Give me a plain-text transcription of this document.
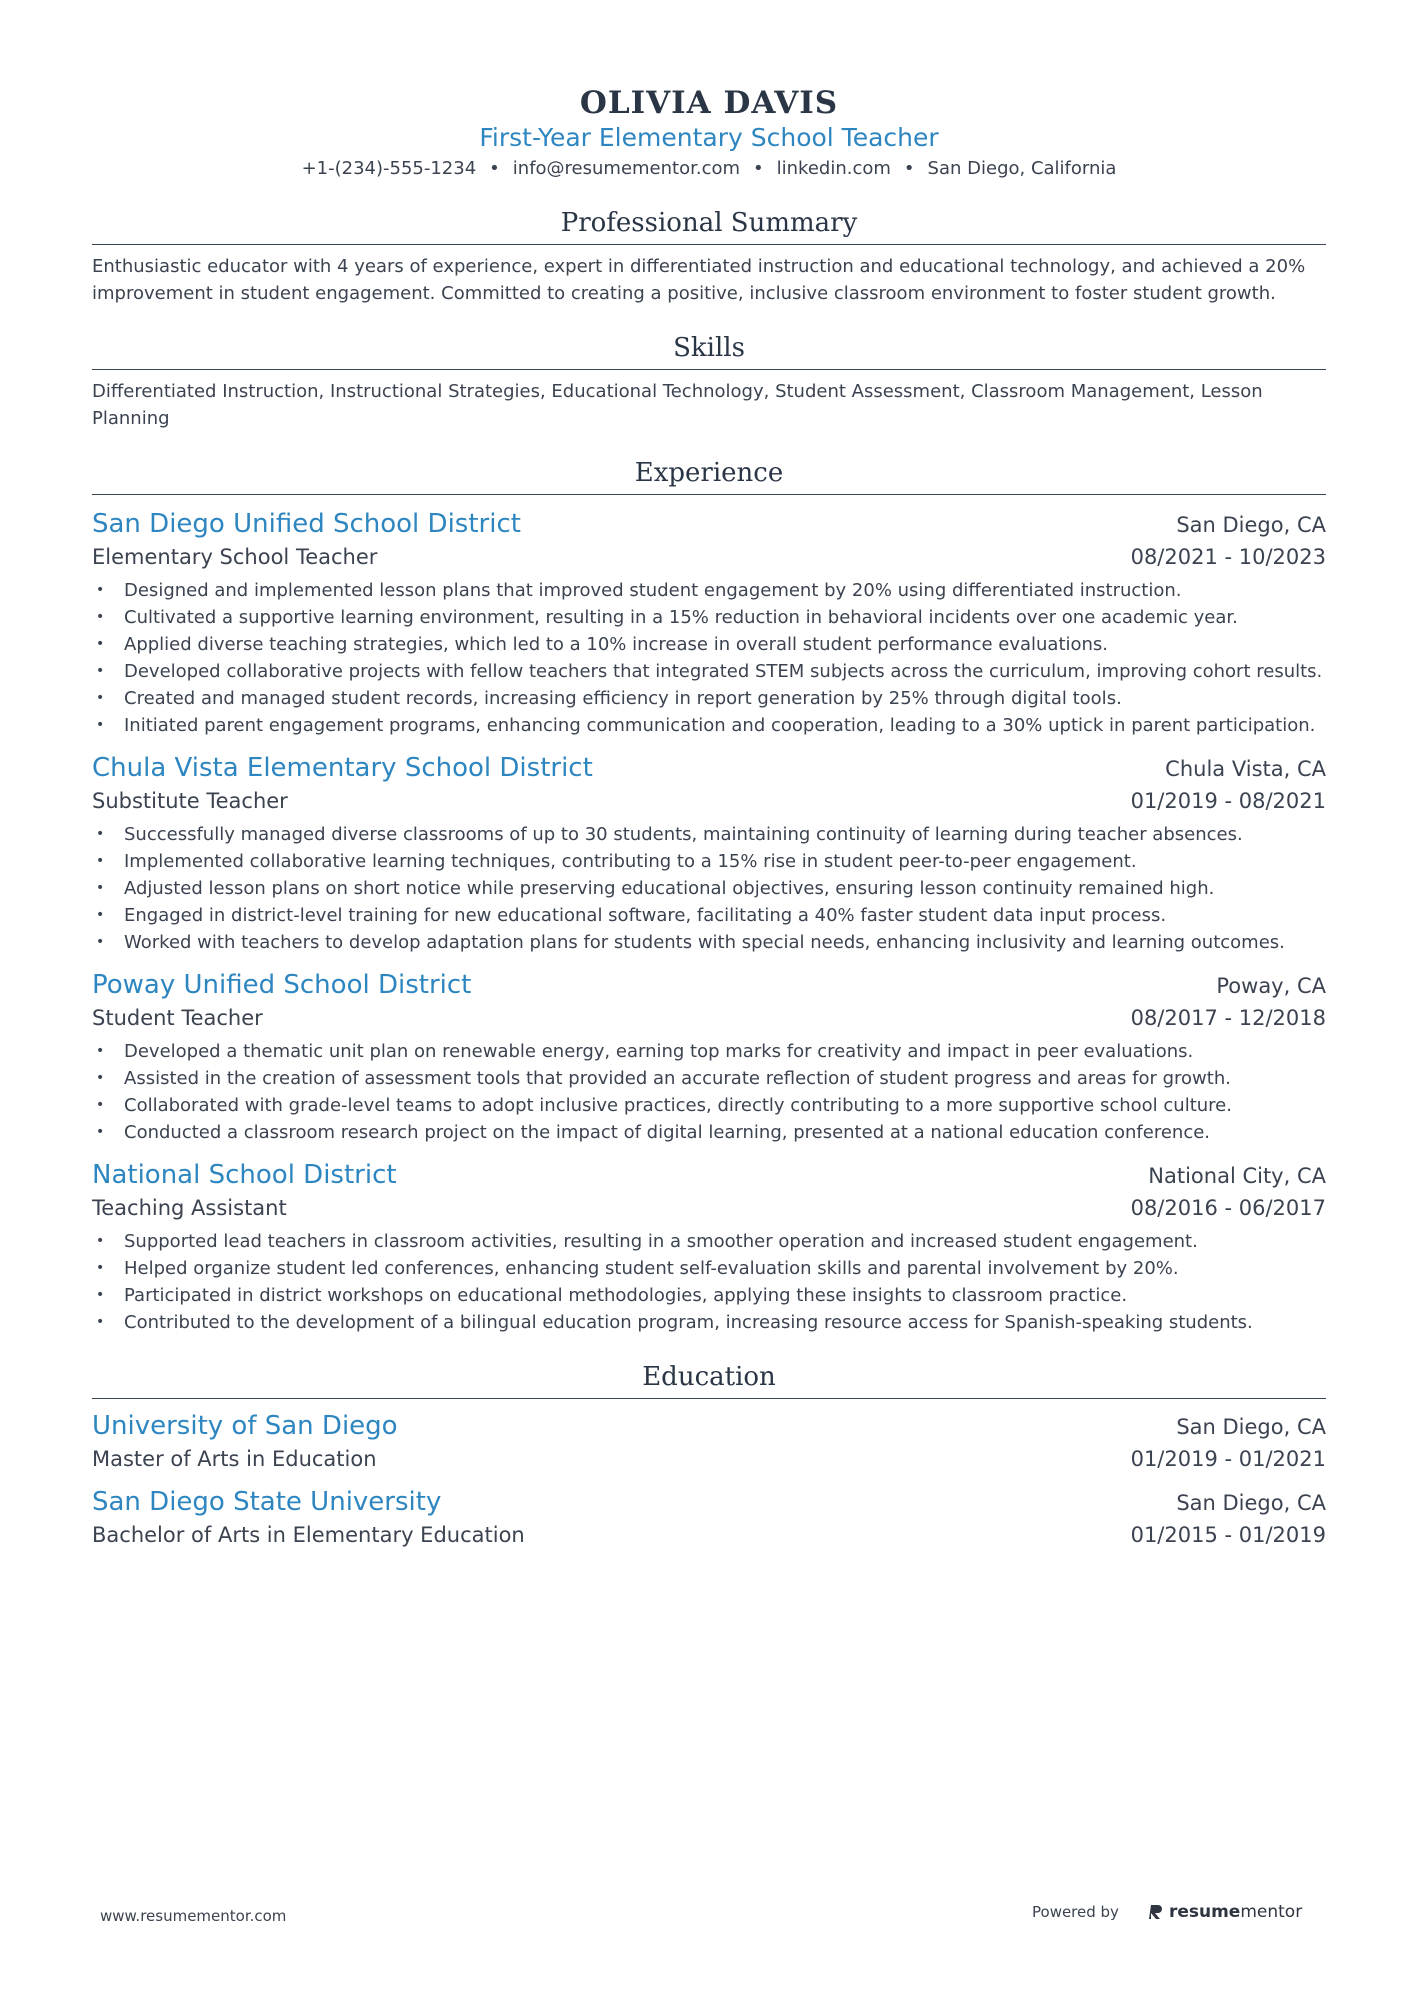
OLIVIA DAVIS
First-Year Elementary School Teacher
+1-(234)-555-1234 • info@resumementor.com • linkedin.com • San Diego, California
Professional Summary
Enthusiastic educator with 4 years of experience, expert in differentiated instruction and educational technology, and achieved a 20% improvement in student engagement. Committed to creating a positive, inclusive classroom environment to foster student growth.
Skills
Differentiated Instruction, Instructional Strategies, Educational Technology, Student Assessment, Classroom Management, Lesson Planning
Experience
San Diego Unified School District	San Diego, CA
Elementary School Teacher	08/2021 - 10/2023
• Designed and implemented lesson plans that improved student engagement by 20% using differentiated instruction.
• Cultivated a supportive learning environment, resulting in a 15% reduction in behavioral incidents over one academic year.
• Applied diverse teaching strategies, which led to a 10% increase in overall student performance evaluations.
• Developed collaborative projects with fellow teachers that integrated STEM subjects across the curriculum, improving cohort results.
• Created and managed student records, increasing efficiency in report generation by 25% through digital tools.
• Initiated parent engagement programs, enhancing communication and cooperation, leading to a 30% uptick in parent participation.
Chula Vista Elementary School District	Chula Vista, CA
Substitute Teacher	01/2019 - 08/2021
• Successfully managed diverse classrooms of up to 30 students, maintaining continuity of learning during teacher absences.
• Implemented collaborative learning techniques, contributing to a 15% rise in student peer-to-peer engagement.
• Adjusted lesson plans on short notice while preserving educational objectives, ensuring lesson continuity remained high.
• Engaged in district-level training for new educational software, facilitating a 40% faster student data input process.
• Worked with teachers to develop adaptation plans for students with special needs, enhancing inclusivity and learning outcomes.
Poway Unified School District	Poway, CA
Student Teacher	08/2017 - 12/2018
• Developed a thematic unit plan on renewable energy, earning top marks for creativity and impact in peer evaluations.
• Assisted in the creation of assessment tools that provided an accurate reflection of student progress and areas for growth.
• Collaborated with grade-level teams to adopt inclusive practices, directly contributing to a more supportive school culture.
• Conducted a classroom research project on the impact of digital learning, presented at a national education conference.
National School District	National City, CA
Teaching Assistant	08/2016 - 06/2017
• Supported lead teachers in classroom activities, resulting in a smoother operation and increased student engagement.
• Helped organize student led conferences, enhancing student self-evaluation skills and parental involvement by 20%.
• Participated in district workshops on educational methodologies, applying these insights to classroom practice.
• Contributed to the development of a bilingual education program, increasing resource access for Spanish-speaking students.
Education
University of San Diego	San Diego, CA
Master of Arts in Education	01/2019 - 01/2021
San Diego State University	San Diego, CA
Bachelor of Arts in Elementary Education	01/2015 - 01/2019
www.resumementor.com	Powered by	resume mentor
